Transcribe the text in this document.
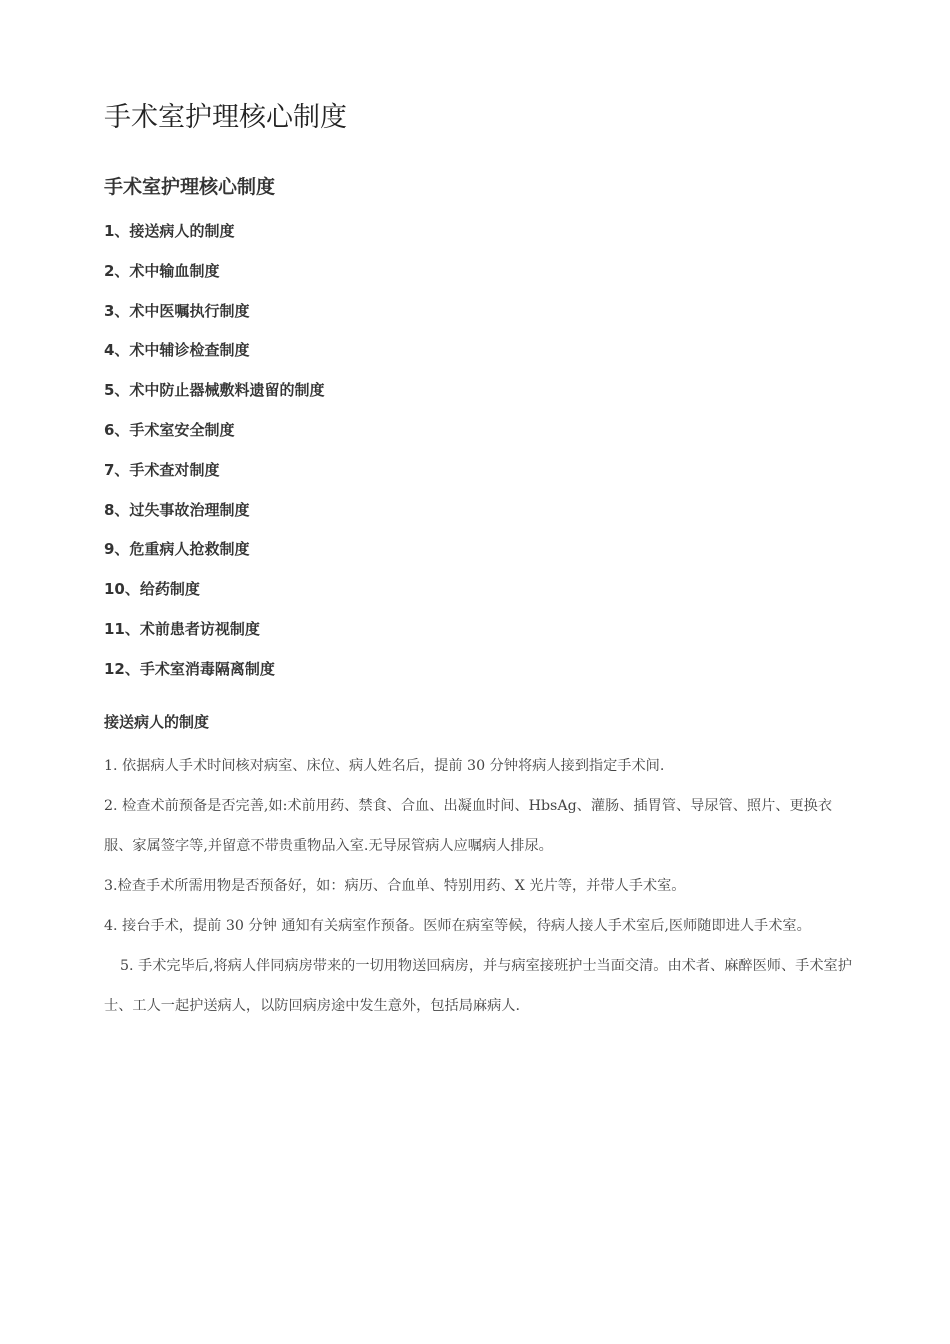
手术室护理核心制度
手术室护理核心制度
1、接送病人的制度
2、术中输血制度
3、术中医嘱执行制度
4、术中辅诊检查制度
5、术中防止器械敷料遗留的制度
6、手术室安全制度
7、手术查对制度
8、过失事故治理制度
9、危重病人抢救制度
10、给药制度
11、术前患者访视制度
12、手术室消毒隔离制度
接送病人的制度

1. 依据病人手术时间核对病室、床位、病人姓名后，提前 30 分钟将病人接到指定手术间.

2. 检查术前预备是否完善,如:术前用药、禁食、合血、出凝血时间、HbsAg、灌肠、插胃管、导尿管、照片、更换衣服、家属签字等,并留意不带贵重物品入室.无导尿管病人应嘱病人排尿。

3.检查手术所需用物是否预备好，如：病历、合血单、特别用药、X 光片等，并带人手术室。

4. 接台手术，提前 30 分钟 通知有关病室作预备。医师在病室等候，待病人接人手术室后,医师随即进人手术室。

5. 手术完毕后,将病人伴同病房带来的一切用物送回病房，并与病室接班护士当面交清。由术者、麻醉医师、手术室护士、工人一起护送病人，以防回病房途中发生意外，包括局麻病人.
